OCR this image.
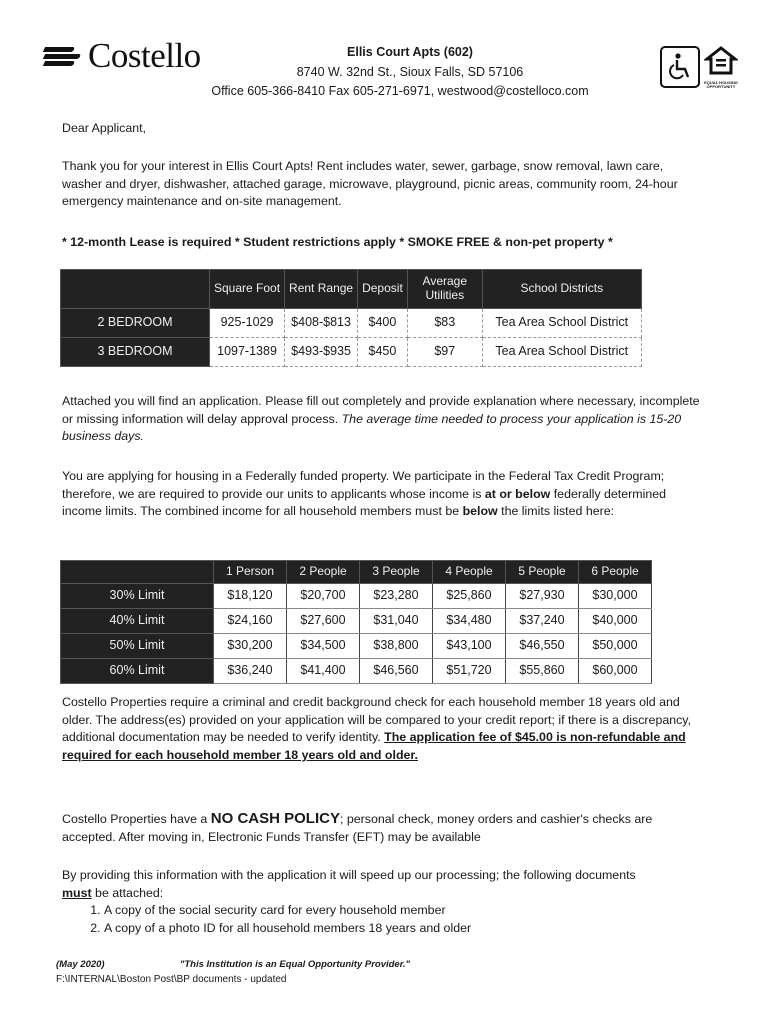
Costello	Ellis Court Apts (602)
8740 W. 32nd St., Sioux Falls, SD 57106
Office 605-366-8410 Fax 605-271-6971, westwood@costelloco.com
EQUAL HOUSING OPPORTUNITY

Dear Applicant,

Thank you for your interest in Ellis Court Apts! Rent includes water, sewer, garbage, snow removal, lawn care, washer and dryer, dishwasher, attached garage, microwave, playground, picnic areas, community room, 24-hour emergency maintenance and on-site management.

* 12-month Lease is required * Student restrictions apply * SMOKE FREE & non-pet property *

	Square Foot	Rent Range	Deposit	Average Utilities	School Districts
2 BEDROOM	925-1029	$408-$813	$400	$83	Tea Area School District
3 BEDROOM	1097-1389	$493-$935	$450	$97	Tea Area School District

Attached you will find an application. Please fill out completely and provide explanation where necessary, incomplete or missing information will delay approval process. The average time needed to process your application is 15-20 business days.

You are applying for housing in a Federally funded property. We participate in the Federal Tax Credit Program; therefore, we are required to provide our units to applicants whose income is at or below federally determined income limits. The combined income for all household members must be below the limits listed here:

	1 Person	2 People	3 People	4 People	5 People	6 People
30% Limit	$18,120	$20,700	$23,280	$25,860	$27,930	$30,000
40% Limit	$24,160	$27,600	$31,040	$34,480	$37,240	$40,000
50% Limit	$30,200	$34,500	$38,800	$43,100	$46,550	$50,000
60% Limit	$36,240	$41,400	$46,560	$51,720	$55,860	$60,000

Costello Properties require a criminal and credit background check for each household member 18 years old and older. The address(es) provided on your application will be compared to your credit report; if there is a discrepancy, additional documentation may be needed to verify identity. The application fee of $45.00 is non-refundable and required for each household member 18 years old and older.

Costello Properties have a NO CASH POLICY; personal check, money orders and cashier's checks are accepted. After moving in, Electronic Funds Transfer (EFT) may be available

By providing this information with the application it will speed up our processing; the following documents must be attached:

1. A copy of the social security card for every household member
2. A copy of a photo ID for all household members 18 years and older
(May 2020)	"This Institution is an Equal Opportunity Provider."
F:\INTERNAL\Boston Post\BP documents - updated
